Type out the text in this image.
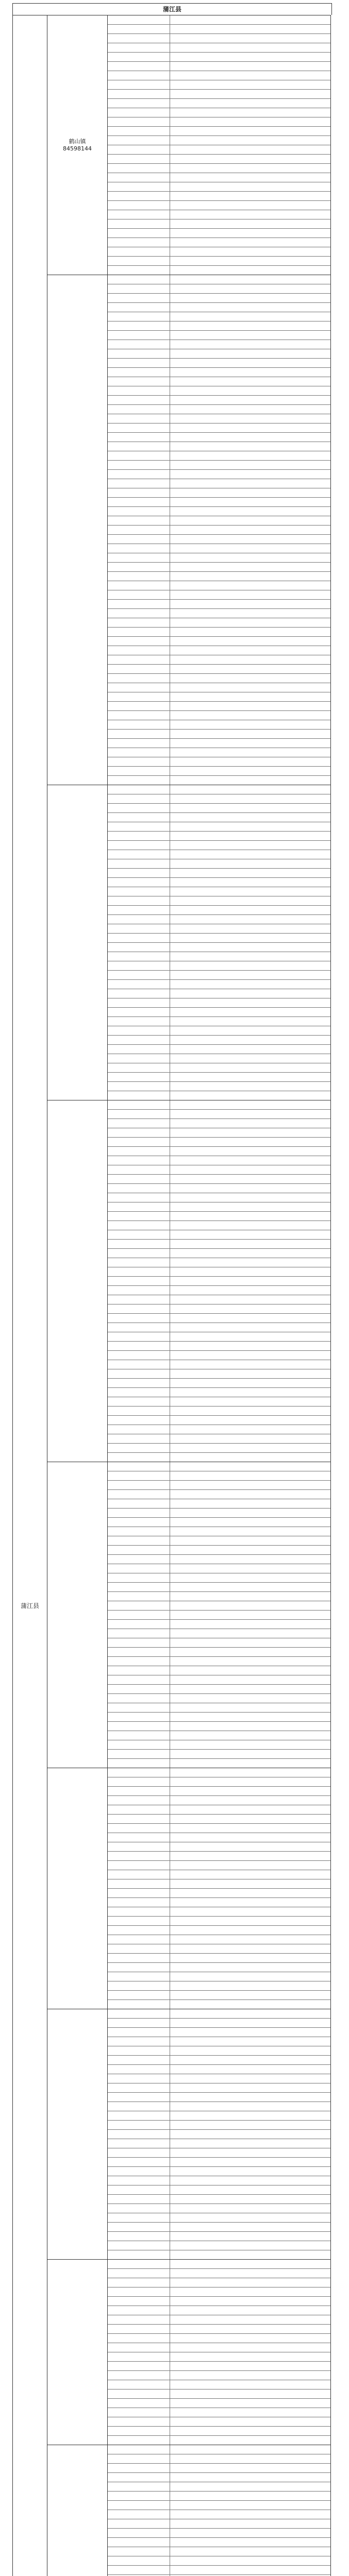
蒲江县
蒲江县
鹤山镇
84598144
